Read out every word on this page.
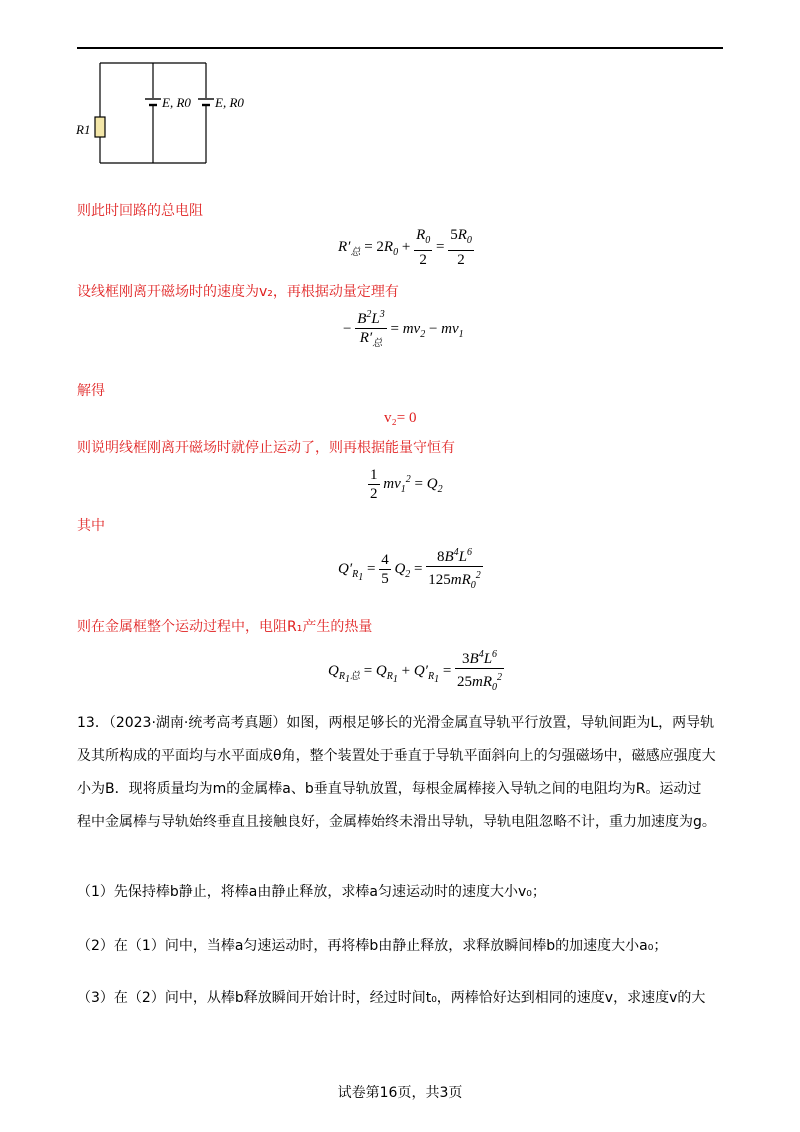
R1
E, R0 E, R0
则此时回路的总电阻
$R'_总 = 2R_0 + \frac{R_0}{2} = \frac{5R_0}{2}$
设线框刚离开磁场时的速度为v₂，再根据动量定理有
− $\frac{B^2L^3}{R'_总} = mv_2 - mv_1$
解得
v₂= 0
则说明线框刚离开磁场时就停止运动了，则再根据能量守恒有
$\frac{1}{2} mv_1^2 = Q_2$
其中
$Q'_{R_1} = \frac{4}{5} Q_2 = \frac{8B^4L^6}{125mR_0^2}$
则在金属框整个运动过程中，电阻R₁产生的热量
$Q_{R_1总} = Q_{R_1} + Q'_{R_1} = \frac{3B^4L^6}{25mR_0^2}$
13．（2023·湖南·统考高考真题）如图，两根足够长的光滑金属直导轨平行放置，导轨间距为L，两导轨
及其所构成的平面均与水平面成θ角，整个装置处于垂直于导轨平面斜向上的匀强磁场中，磁感应强度大
小为B．现将质量均为m的金属棒a、b垂直导轨放置，每根金属棒接入导轨之间的电阻均为R。运动过
程中金属棒与导轨始终垂直且接触良好，金属棒始终未滑出导轨，导轨电阻忽略不计，重力加速度为g。
（1）先保持棒b静止，将棒a由静止释放，求棒a匀速运动时的速度大小v₀；
（2）在（1）问中，当棒a匀速运动时，再将棒b由静止释放，求释放瞬间棒b的加速度大小a₀；
（3）在（2）问中，从棒b释放瞬间开始计时，经过时间t₀，两棒恰好达到相同的速度v，求速度v的大
试卷第16页，共3页
